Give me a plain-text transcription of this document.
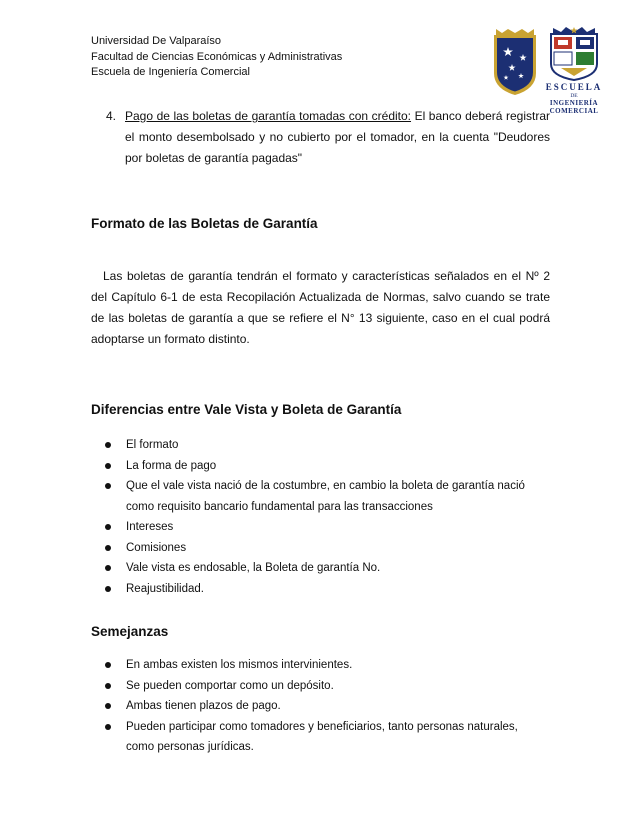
Universidad De Valparaíso
Facultad de Ciencias Económicas y Administrativas
Escuela de Ingeniería Comercial
ESCUELA
DE
INGENIERÍA
COMERCIAL
4. Pago de las boletas de garantía tomadas con crédito: El banco deberá registrar el monto desembolsado y no cubierto por el tomador, en la cuenta "Deudores por boletas de garantía pagadas"
Formato de las Boletas de Garantía

Las boletas de garantía tendrán el formato y características señalados en el Nº 2 del Capítulo 6-1 de esta Recopilación Actualizada de Normas, salvo cuando se trate de las boletas de garantía a que se refiere el N° 13 siguiente, caso en el cual podrá adoptarse un formato distinto.

Diferencias entre Vale Vista y Boleta de Garantía
El formato
La forma de pago
Que el vale vista nació de la costumbre, en cambio la boleta de garantía nació como requisito bancario fundamental para las transacciones
Intereses
Comisiones
Vale vista es endosable, la Boleta de garantía No.
Reajustibilidad.
Semejanzas
En ambas existen los mismos intervinientes.
Se pueden comportar como un depósito.
Ambas tienen plazos de pago.
Pueden participar como tomadores y beneficiarios, tanto personas naturales, como personas jurídicas.
